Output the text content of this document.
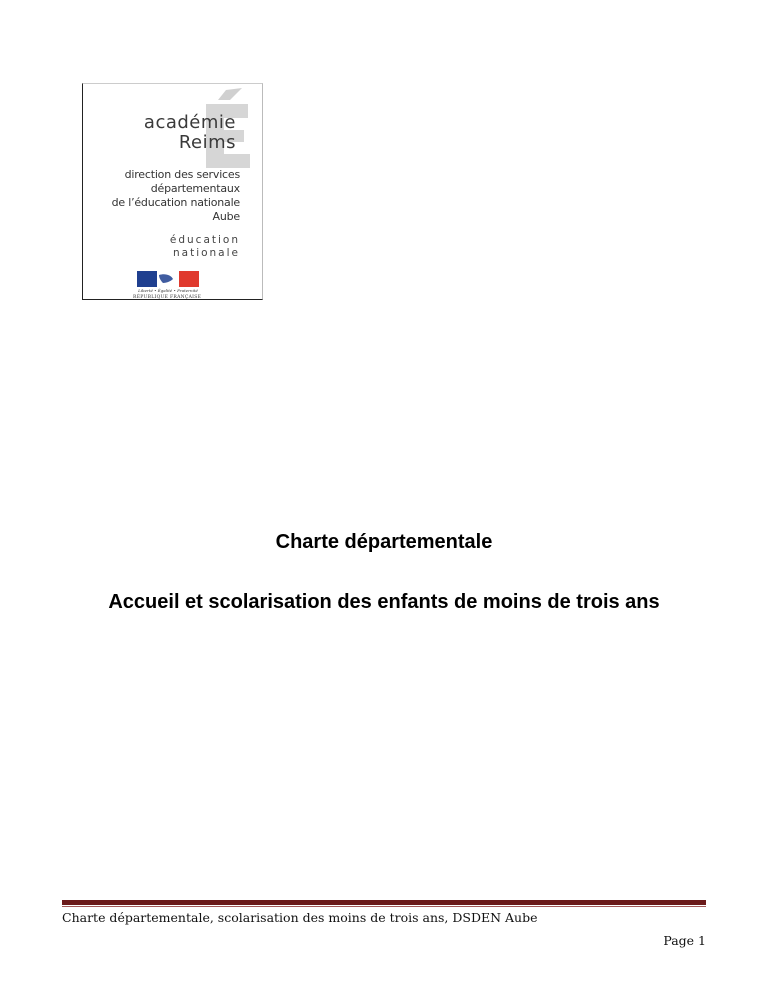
académie
Reims
direction des services
départementaux
de l’éducation nationale
Aube
éducation
nationale
Liberté • Égalité • Fraternité
RÉPUBLIQUE FRANÇAISE
Charte départementale
Accueil et scolarisation des enfants de moins de trois ans
Charte départementale, scolarisation des moins de trois ans, DSDEN Aube
Page 1
